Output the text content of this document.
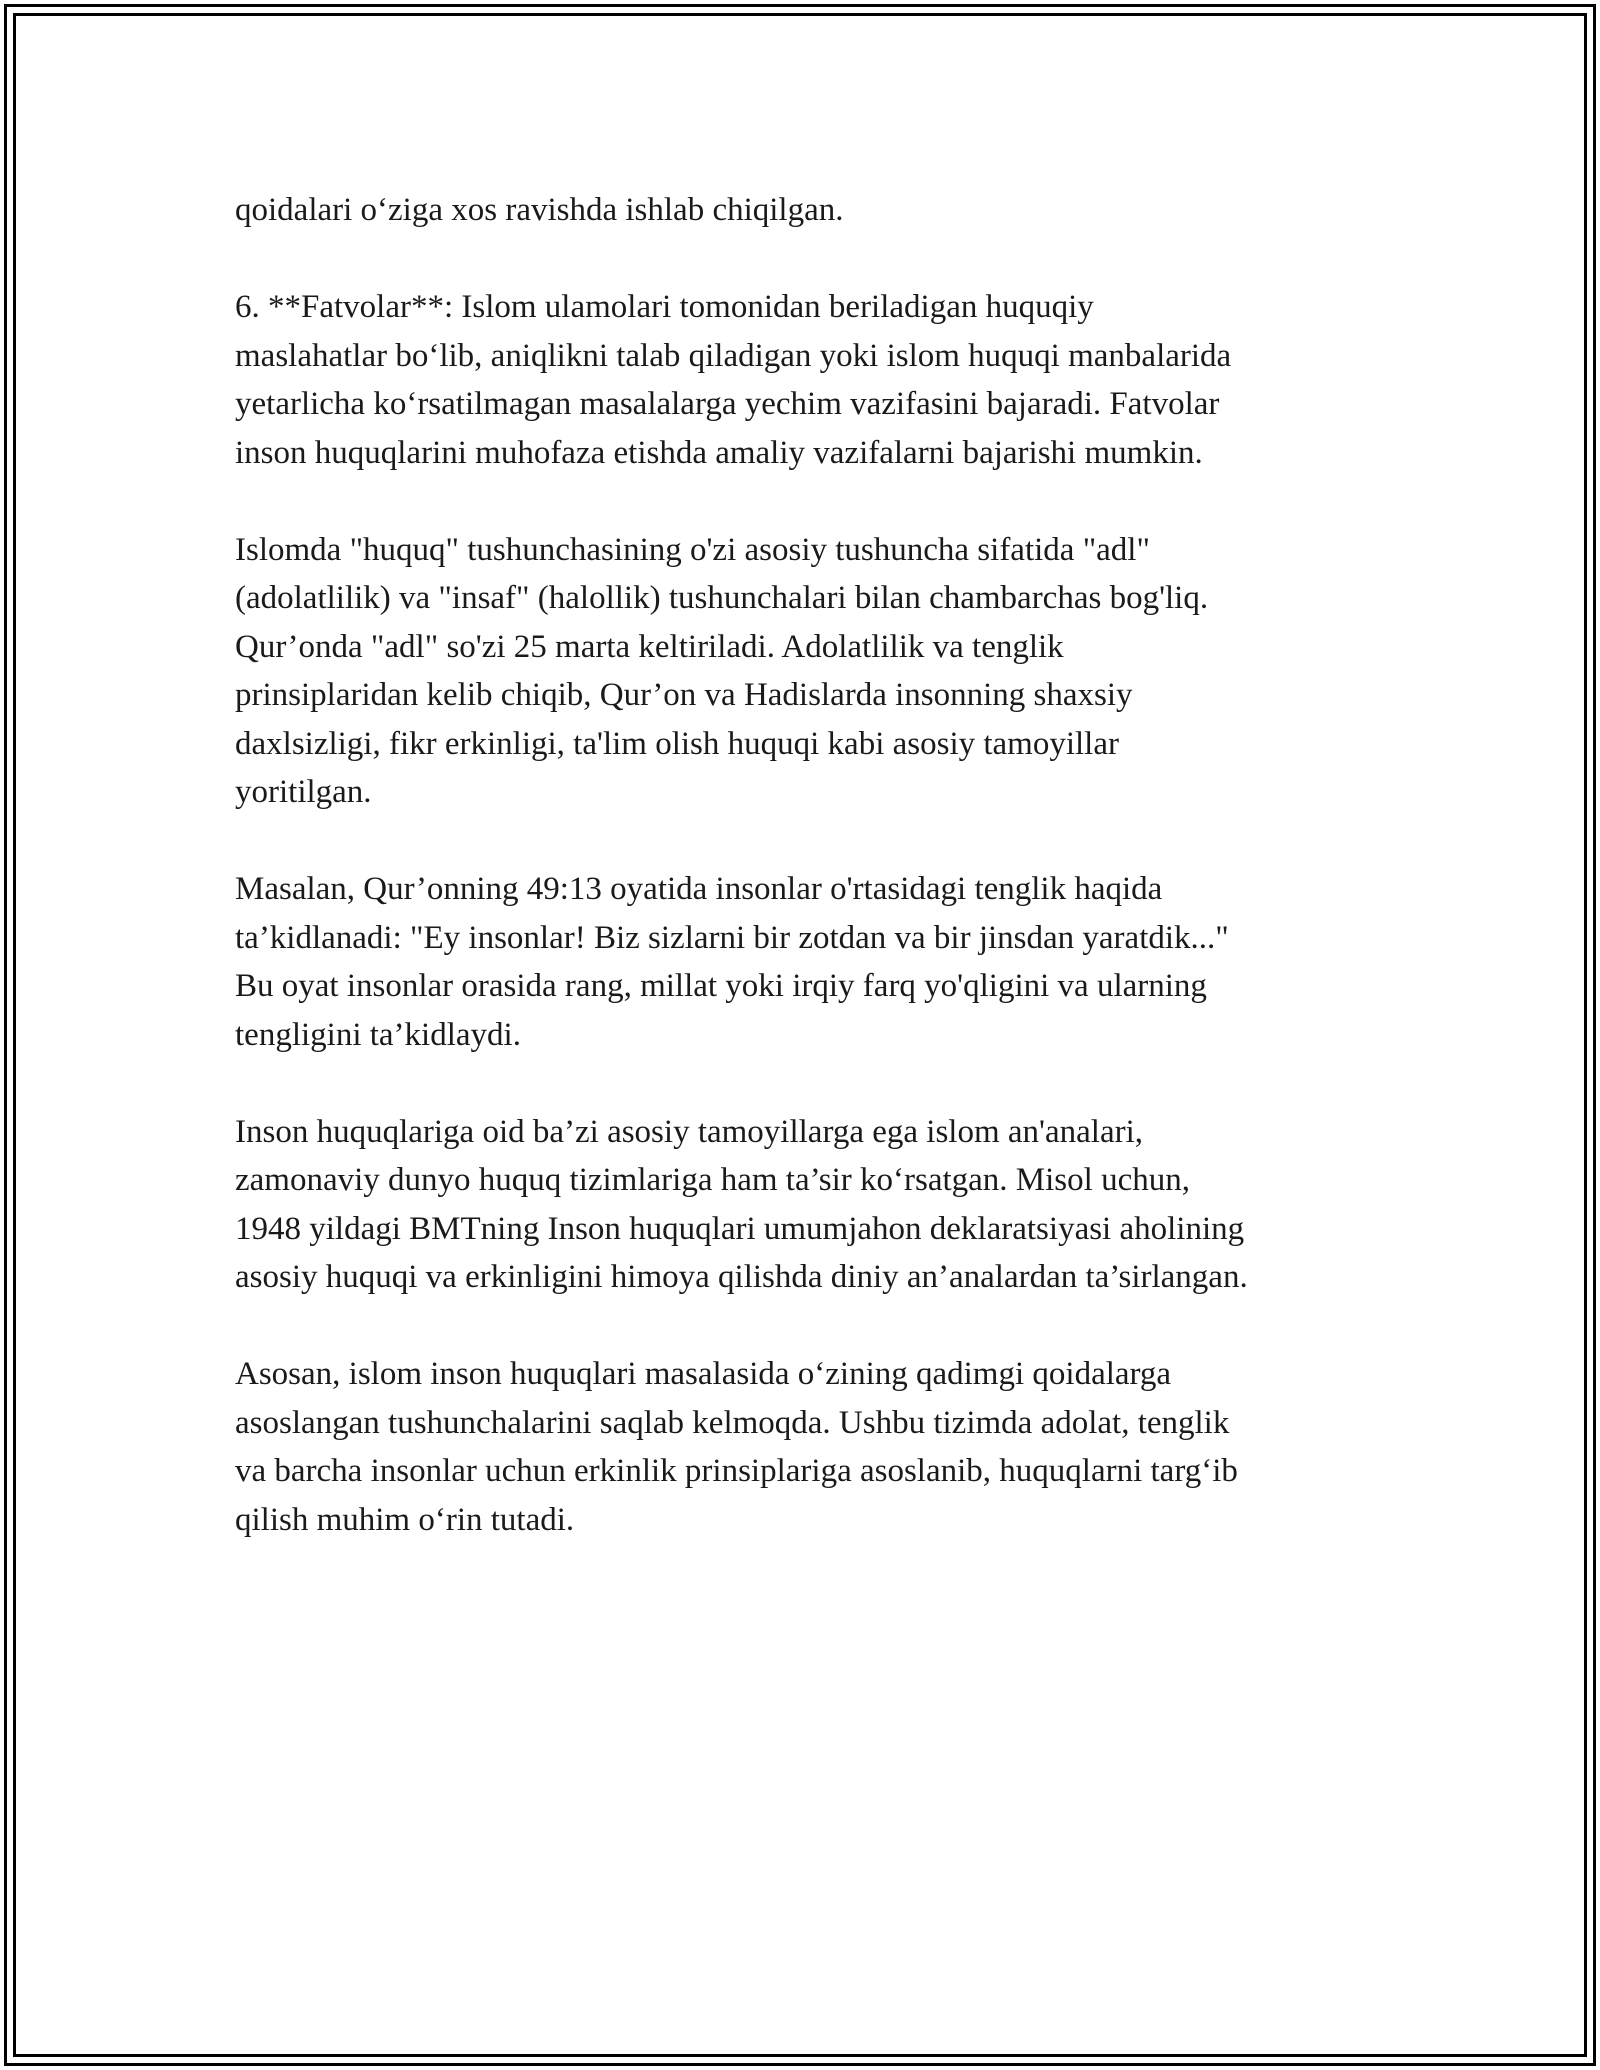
qoidalari o‘ziga xos ravishda ishlab chiqilgan.

6. **Fatvolar**: Islom ulamolari tomonidan beriladigan huquqiy
maslahatlar bo‘lib, aniqlikni talab qiladigan yoki islom huquqi manbalarida
yetarlicha ko‘rsatilmagan masalalarga yechim vazifasini bajaradi. Fatvolar
inson huquqlarini muhofaza etishda amaliy vazifalarni bajarishi mumkin.

Islomda "huquq" tushunchasining o'zi asosiy tushuncha sifatida "adl"
(adolatlilik) va "insaf" (halollik) tushunchalari bilan chambarchas bog'liq.
Qur’onda "adl" so'zi 25 marta keltiriladi. Adolatlilik va tenglik
prinsiplaridan kelib chiqib, Qur’on va Hadislarda insonning shaxsiy
daxlsizligi, fikr erkinligi, ta'lim olish huquqi kabi asosiy tamoyillar
yoritilgan.

Masalan, Qur’onning 49:13 oyatida insonlar o'rtasidagi tenglik haqida
ta’kidlanadi: "Ey insonlar! Biz sizlarni bir zotdan va bir jinsdan yaratdik..."
Bu oyat insonlar orasida rang, millat yoki irqiy farq yo'qligini va ularning
tengligini ta’kidlaydi.

Inson huquqlariga oid ba’zi asosiy tamoyillarga ega islom an'analari,
zamonaviy dunyo huquq tizimlariga ham ta’sir ko‘rsatgan. Misol uchun,
1948 yildagi BMTning Inson huquqlari umumjahon deklaratsiyasi aholining
asosiy huquqi va erkinligini himoya qilishda diniy an’analardan ta’sirlangan.

Asosan, islom inson huquqlari masalasida o‘zining qadimgi qoidalarga
asoslangan tushunchalarini saqlab kelmoqda. Ushbu tizimda adolat, tenglik
va barcha insonlar uchun erkinlik prinsiplariga asoslanib, huquqlarni targ‘ib
qilish muhim o‘rin tutadi.
